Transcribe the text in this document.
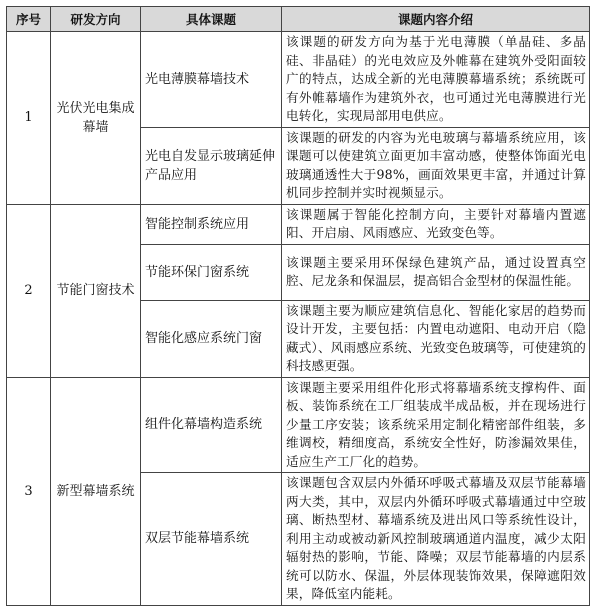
序号	研发方向	具体课题	课题内容介绍
1	光伏光电集成幕墙	光电薄膜幕墙技术	该课题的研发方向为基于光电薄膜（单晶硅、多晶硅、非晶硅）的光电效应及外帷幕在建筑外受阳面较广的特点，达成全新的光电薄膜幕墙系统；系统既可有外帷幕墙作为建筑外衣，也可通过光电薄膜进行光电转化，实现局部用电供应。
		光电自发显示玻璃延伸产品应用	该课题的研发的内容为光电玻璃与幕墙系统应用，该课题可以使建筑立面更加丰富动感，使整体饰面光电玻璃通透性大于98%，画面效果更丰富，并通过计算机同步控制并实时视频显示。
2	节能门窗技术	智能控制系统应用	该课题属于智能化控制方向，主要针对幕墙内置遮阳、开启扇、风雨感应、光致变色等。
		节能环保门窗系统	该课题主要采用环保绿色建筑产品，通过设置真空腔、尼龙条和保温层，提高铝合金型材的保温性能。
		智能化感应系统门窗	该课题主要为顺应建筑信息化、智能化家居的趋势而设计开发，主要包括：内置电动遮阳、电动开启（隐藏式）、风雨感应系统、光致变色玻璃等，可使建筑的科技感更强。
3	新型幕墙系统	组件化幕墙构造系统	该课题主要采用组件化形式将幕墙系统支撑构件、面板、装饰系统在工厂组装成半成品板，并在现场进行少量工序安装；该系统采用定制化精密部件组装，多维调校，精细度高，系统安全性好，防渗漏效果佳，适应生产工厂化的趋势。
		双层节能幕墙系统	该课题包含双层内外循环呼吸式幕墙及双层节能幕墙两大类，其中，双层内外循环呼吸式幕墙通过中空玻璃、断热型材、幕墙系统及进出风口等系统性设计，利用主动或被动新风控制玻璃通道内温度，减少太阳辐射热的影响，节能、降噪；双层节能幕墙的内层系统可以防水、保温，外层体现装饰效果，保障遮阳效果，降低室内能耗。
